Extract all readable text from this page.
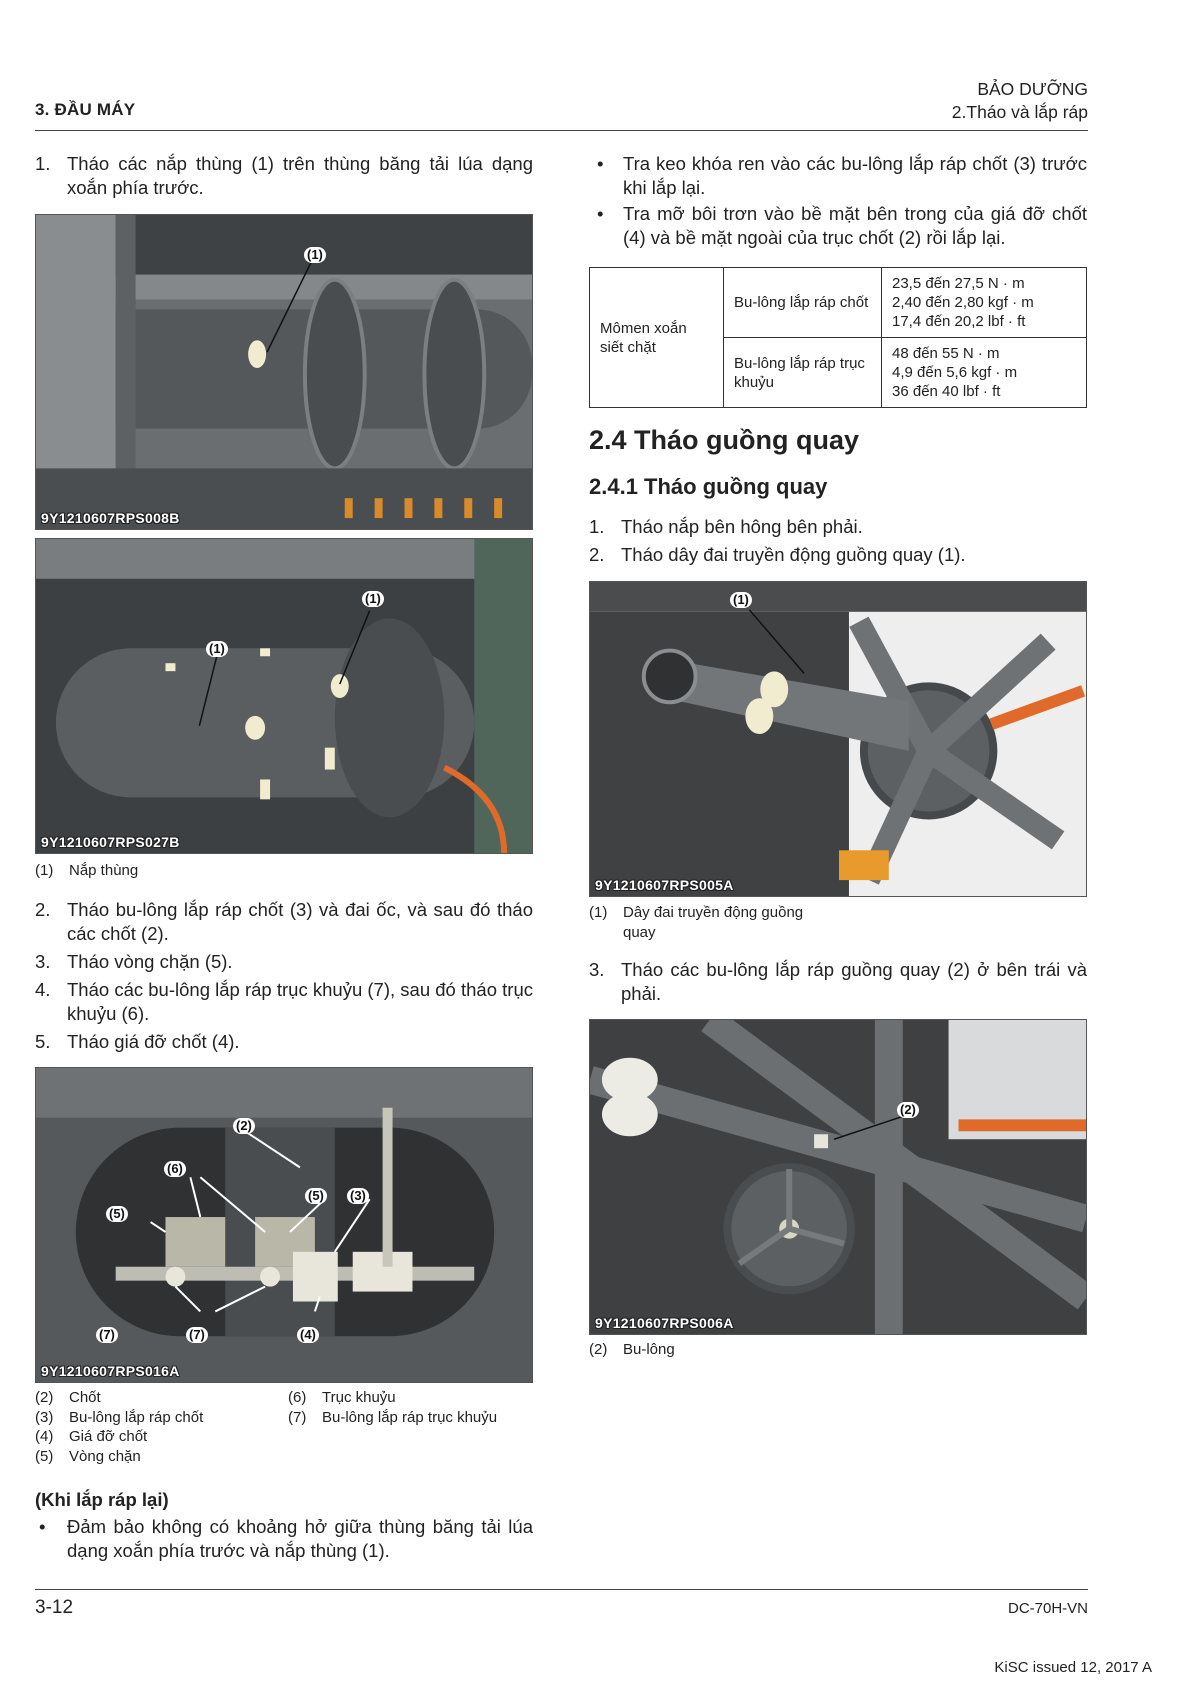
3. ĐẦU MÁY
BẢO DƯỠNG
2.Tháo và lắp ráp
1. Tháo các nắp thùng (1) trên thùng băng tải lúa dạng xoắn phía trước.
(1)
9Y1210607RPS008B
(1)
(1)
9Y1210607RPS027B
(1)	Nắp thùng
2. Tháo bu-lông lắp ráp chốt (3) và đai ốc, và sau đó tháo các chốt (2).
3. Tháo vòng chặn (5).
4. Tháo các bu-lông lắp ráp trục khuỷu (7), sau đó tháo trục khuỷu (6).
5. Tháo giá đỡ chốt (4).
(2)
(6)
(5)
(5) (3)
(7)	(7)	(4)
9Y1210607RPS016A
(2)	Chốt
(3)	Bu-lông lắp ráp chốt
(4)	Giá đỡ chốt
(5)	Vòng chặn
(6)	Trục khuỷu
(7)	Bu-lông lắp ráp trục khuỷu
(Khi lắp ráp lại)
•	Đảm bảo không có khoảng hở giữa thùng băng tải lúa dạng xoắn phía trước và nắp thùng (1).
•	Tra keo khóa ren vào các bu-lông lắp ráp chốt (3) trước khi lắp lại.
•	Tra mỡ bôi trơn vào bề mặt bên trong của giá đỡ chốt (4) và bề mặt ngoài của trục chốt (2) rồi lắp lại.
Mômen xoắn siết chặt	Bu-lông lắp ráp chốt	23,5 đến 27,5 N · m
2,40 đến 2,80 kgf · m
17,4 đến 20,2 lbf · ft

	Bu-lông lắp ráp trục khuỷu	48 đến 55 N · m
4,9 đến 5,6 kgf · m
36 đến 40 lbf · ft
2.4 Tháo guồng quay
2.4.1 Tháo guồng quay
1. Tháo nắp bên hông bên phải.
2. Tháo dây đai truyền động guồng quay (1).
(1)
9Y1210607RPS005A
(1)	Dây đai truyền động guồng quay
3. Tháo các bu-lông lắp ráp guồng quay (2) ở bên trái và phải.
(2)
9Y1210607RPS006A
(2)	Bu-lông
3-12	DC-70H-VN
KiSC issued 12, 2017 A
